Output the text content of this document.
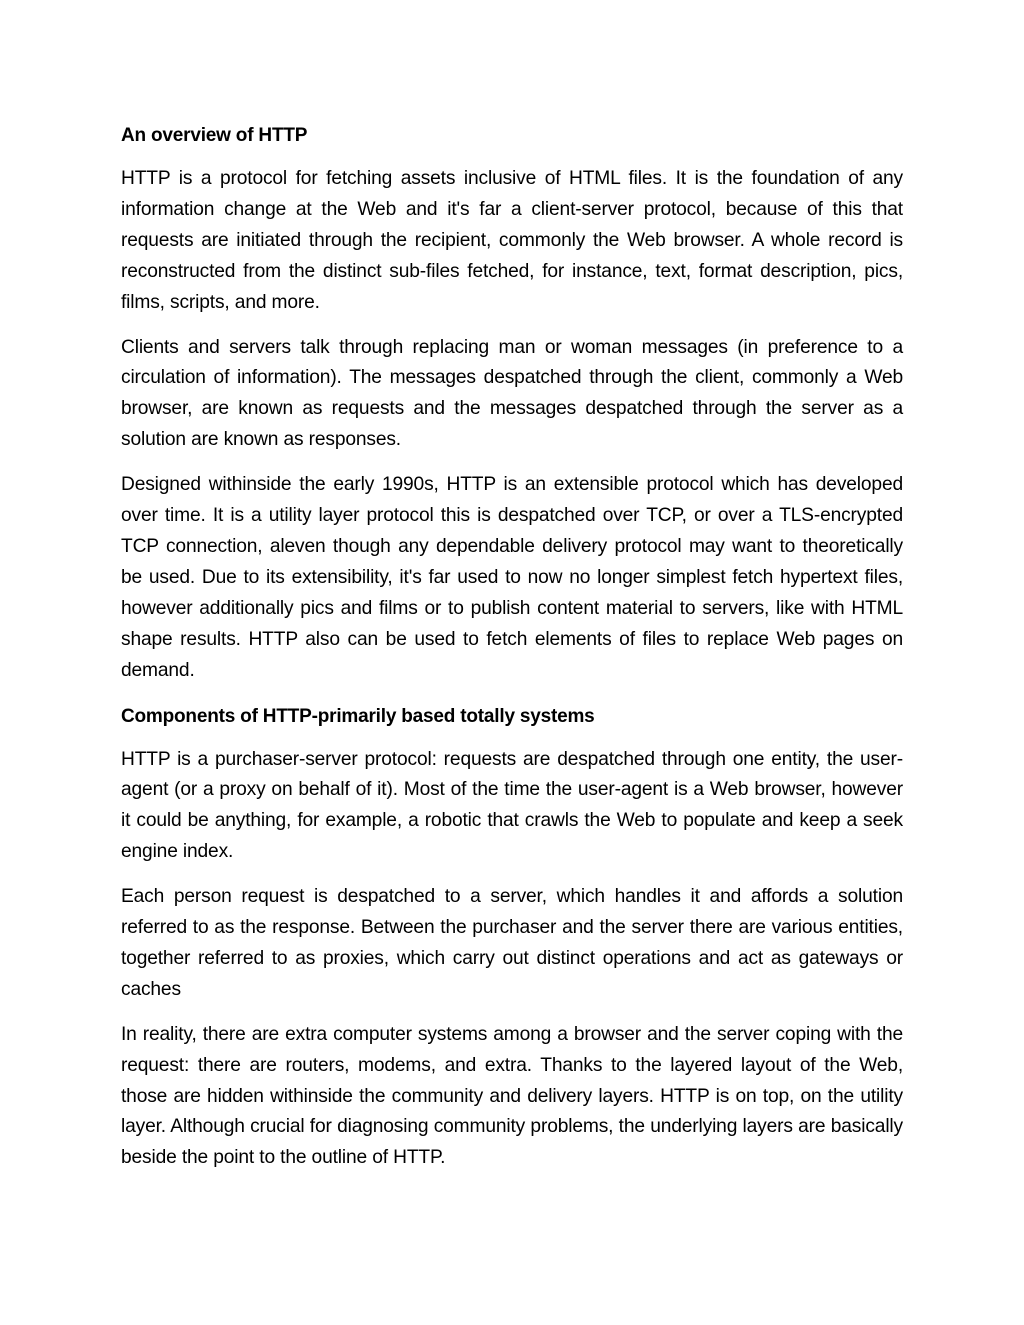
An overview of HTTP

HTTP is a protocol for fetching assets inclusive of HTML files. It is the foundation of any information change at the Web and it's far a client-server protocol, because of this that requests are initiated through the recipient, commonly the Web browser. A whole record is reconstructed from the distinct sub-files fetched, for instance, text, format description, pics, films, scripts, and more.

Clients and servers talk through replacing man or woman messages (in preference to a circulation of information). The messages despatched through the client, commonly a Web browser, are known as requests and the messages despatched through the server as a solution are known as responses.

Designed withinside the early 1990s, HTTP is an extensible protocol which has developed over time. It is a utility layer protocol this is despatched over TCP, or over a TLS-encrypted TCP connection, aleven though any dependable delivery protocol may want to theoretically be used. Due to its extensibility, it's far used to now no longer simplest fetch hypertext files, however additionally pics and films or to publish content material to servers, like with HTML shape results. HTTP also can be used to fetch elements of files to replace Web pages on demand.

Components of HTTP-primarily based totally systems

HTTP is a purchaser-server protocol: requests are despatched through one entity, the user-agent (or a proxy on behalf of it). Most of the time the user-agent is a Web browser, however it could be anything, for example, a robotic that crawls the Web to populate and keep a seek engine index.

Each person request is despatched to a server, which handles it and affords a solution referred to as the response. Between the purchaser and the server there are various entities, together referred to as proxies, which carry out distinct operations and act as gateways or caches

In reality, there are extra computer systems among a browser and the server coping with the request: there are routers, modems, and extra. Thanks to the layered layout of the Web, those are hidden withinside the community and delivery layers. HTTP is on top, on the utility layer. Although crucial for diagnosing community problems, the underlying layers are basically beside the point to the outline of HTTP.
